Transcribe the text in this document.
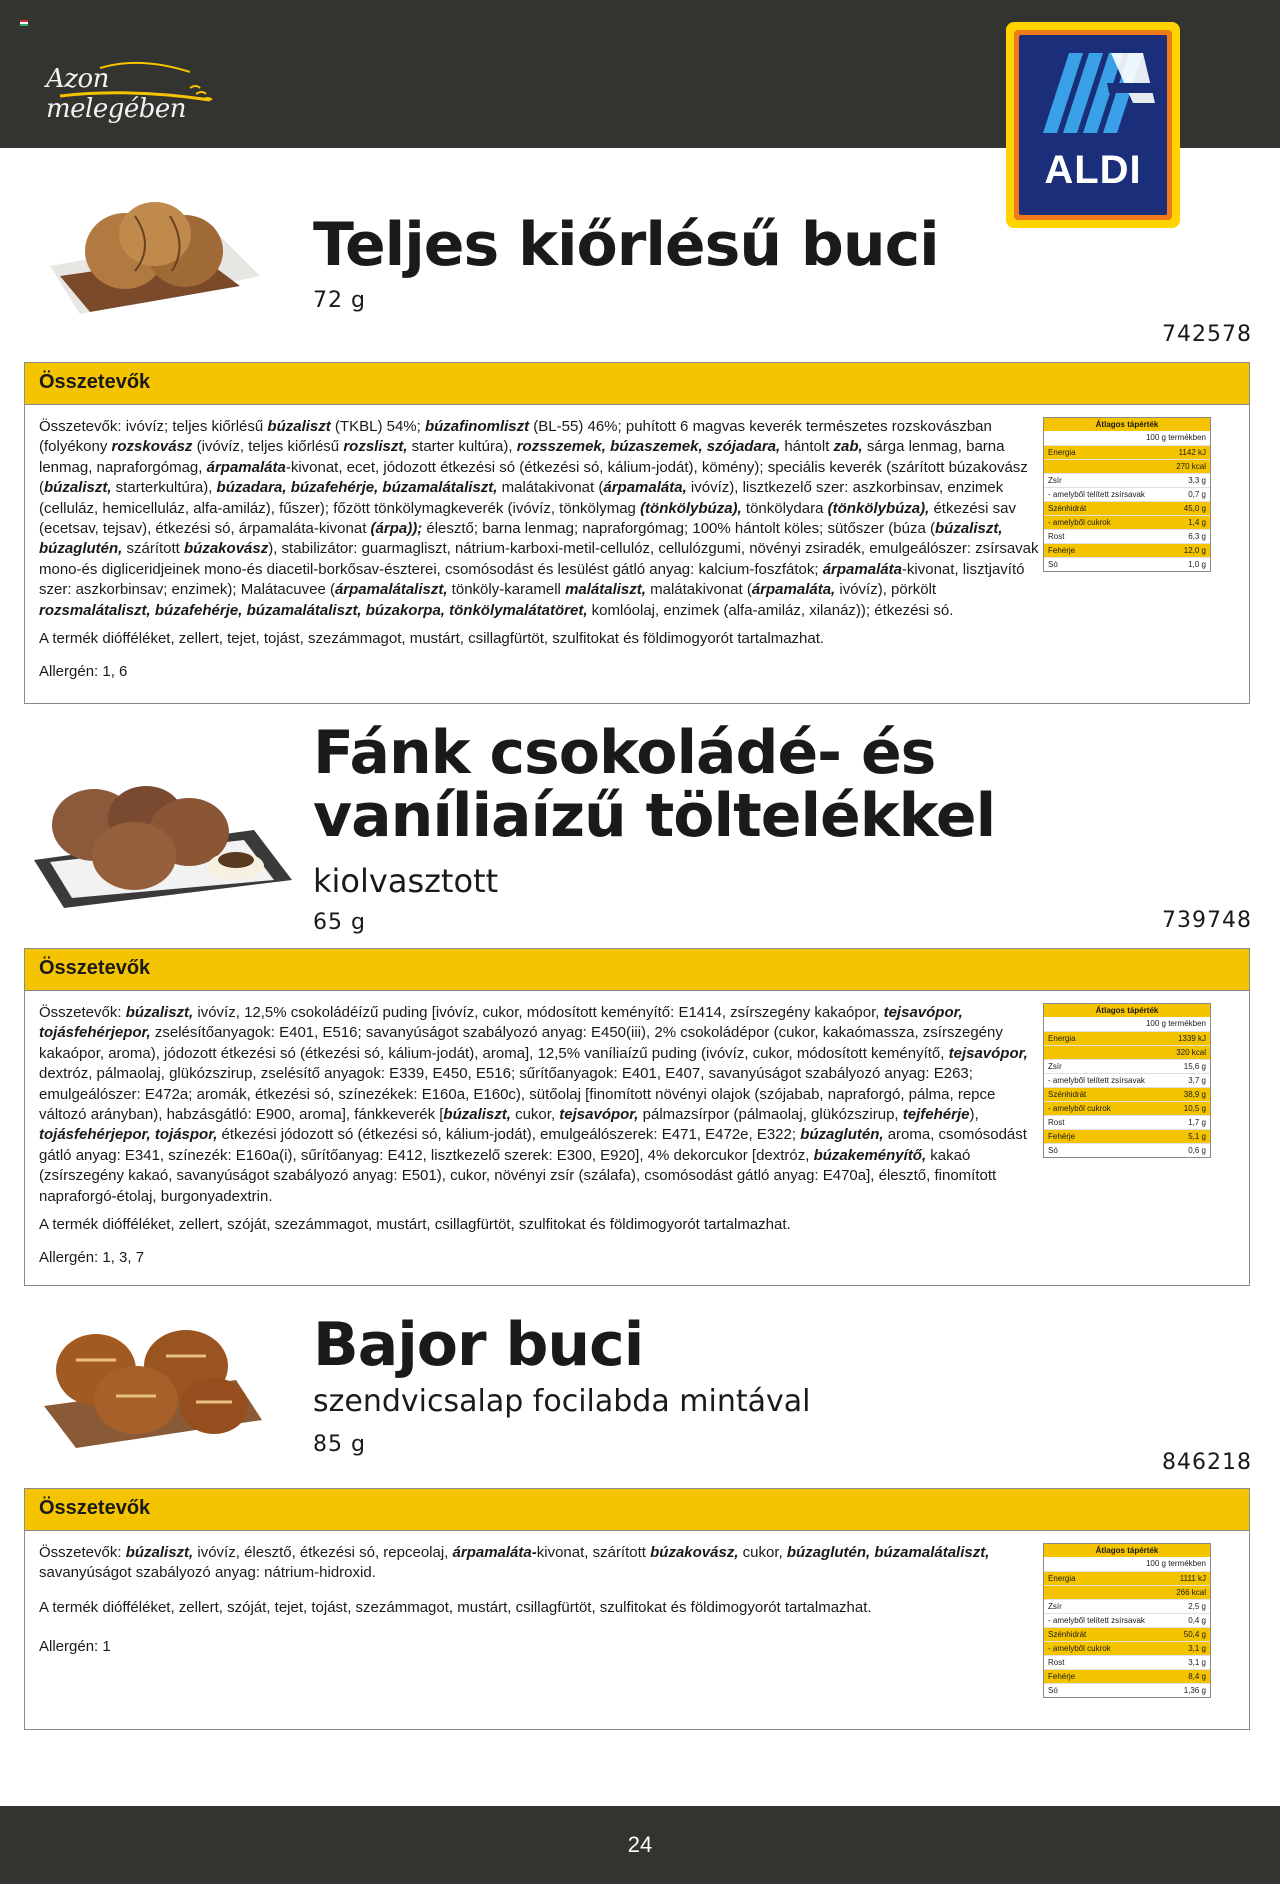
Azon melegében
ALDI
Teljes kiőrlésű buci
72 g
742578
Összetevők
Összetevők: ivóvíz; teljes kiőrlésű búzaliszt (TKBL) 54%; búzafinomliszt (BL-55) 46%; puhított 6 magvas keverék természetes rozskovászban (folyékony rozskovász (ivóvíz, teljes kiőrlésű rozsliszt, starter kultúra), rozsszemek, búzaszemek, szójadara, hántolt zab, sárga lenmag, barna lenmag, napraforgómag, árpamaláta-kivonat, ecet, jódozott étkezési só (étkezési só, kálium-jodát), kömény); speciális keverék (szárított búzakovász (búzaliszt, starterkultúra), búzadara, búzafehérje, búzamalátaliszt, malátakivonat (árpamaláta, ivóvíz), lisztkezelő szer: aszkorbinsav, enzimek (celluláz, hemicelluláz, alfa-amiláz), fűszer); főzött tönkölymagkeverék (ivóvíz, tönkölymag (tönkölybúza), tönkölydara (tönkölybúza), étkezési sav (ecetsav, tejsav), étkezési só, árpamaláta-kivonat (árpa)); élesztő; barna lenmag; napraforgómag; 100% hántolt köles; sütősz​er (búza (búzaliszt, búzaglutén, szárított búzakovász), stabilizátor: guarmagliszt, nátrium-karboxi-metil-cellulóz, cellulózgumi, növényi zsiradék, emulgeálószer: zsírsavak mono-és digliceridjeinek mono-és diacetil-borkősav-észterei, csomósodást és lesülést gátló anyag: kalcium-foszfátok; árpamaláta-kivonat, lisztjavító szer: aszkorbinsav; enzimek); Malátacuvee (árpamalátaliszt, tönköly-karamell malátaliszt, malátakivonat (árpamaláta, ivóvíz), pörkölt rozsmalátaliszt, búzafehérje, búzamalátaliszt, búzakorpa, tönkölymalátatöret, komlóolaj, enzimek (alfa-amiláz, xilanáz)); étkezési só.
A termék diófféléket, zellert, tejet, tojást, szezámmagot, mustárt, csillagfürtöt, szulfitokat és földimogyorót tartalmazhat.
Allergén: 1, 6
Átlagos tápérték
100 g termékben
Energia	1142 kJ
270 kcal
Zsír	3,3 g
- amelyből telített zsírsavak	0,7 g
Szénhidrát	45,0 g
- amelyből cukrok	1,4 g
Rost	6,3 g
Fehérje	12,0 g
Só	1,0 g
Fánk csokoládé- és vaníliaízű töltelékkel
kiolvasztott
65 g	739748
Összetevők
Összetevők: búzaliszt, ivóvíz, 12,5% csokoládéízű puding [ivóvíz, cukor, módosított keményítő: E1414, zsírszegény kakaópor, tejsavópor, tojásfehérjepor, zselésítőanyagok: E401, E516; savanyúságot szabályozó anyag: E450(iii), 2% csokoládépor (cukor, kakaómassza, zsírszegény kakaópor, aroma), jódozott étkezési só (étkezési só, kálium-jodát), aroma], 12,5% vaníliaízű puding (ivóvíz, cukor, módosított keményítő, tejsavópor, dextróz, pálmaolaj, glükózszirup, zselésítő anyagok: E339, E450, E516; sűrítőanyagok: E401, E407, savanyúságot szabályozó anyag: E263; emulgeálószer: E472a; aromák, étkezési só, színezékek: E160a, E160c), sütőolaj [finomított növényi olajok (szójabab, napraforgó, pálma, repce változó arányban), habzásgátló: E900, aroma], fánkkeverék [búzaliszt, cukor, tejsavópor, pálmazsírpor (pálmaolaj, glükózszirup, tejfehérje), tojásfehérjepor, tojáspor, étkezési jódozott só (étkezési só, kálium-jodát), emulgeálószerek: E471, E472e, E322; búzaglutén, aroma, csomósodást gátló anyag: E341, színezék: E160a(i), sűrítőanyag: E412, lisztkezelő szerek: E300, E920], 4% dekorcukor [dextróz, búzakeményítő, kakaó (zsírszegény kakaó, savanyúságot szabályozó anyag: E501), cukor, növényi zsír (szálafa), csomósodást gátló anyag: E470a], élesztő, finomított napraforgó-étolaj, burgonyadextrin.
A termék diófféléket, zellert, szóját, szezámmagot, mustárt, csillagfürtöt, szulfitokat és földimogyorót tartalmazhat.
Allergén: 1, 3, 7
Átlagos tápérték
100 g termékben
Energia	1339 kJ
320 kcal
Zsír	15,6 g
- amelyből telített zsírsavak	3,7 g
Szénhidrát	38,9 g
- amelyből cukrok	10,5 g
Rost	1,7 g
Fehérje	5,1 g
Só	0,6 g
Bajor buci
szendvicsalap focilabda mintával
85 g
846218
Összetevők
Összetevők: búzaliszt, ivóvíz, élesztő, étkezési só, repceolaj, árpamaláta-kivonat, szárított búzakovász, cukor, búzaglutén, búzamalátaliszt, savanyúságot szabályozó anyag: nátrium-hidroxid.
A termék diófféléket, zellert, szóját, tejet, tojást, szezámmagot, mustárt, csillagfürtöt, szulfitokat és földimogyorót tartalmazhat.
Allergén: 1
Átlagos tápérték
100 g termékben
Energia	1111 kJ
266 kcal
Zsír	2,5 g
- amelyből telített zsírsavak	0,4 g
Szénhidrát	50,4 g
- amelyből cukrok	3,1 g
Rost	3,1 g
Fehérje	8,4 g
Só	1,36 g
24
